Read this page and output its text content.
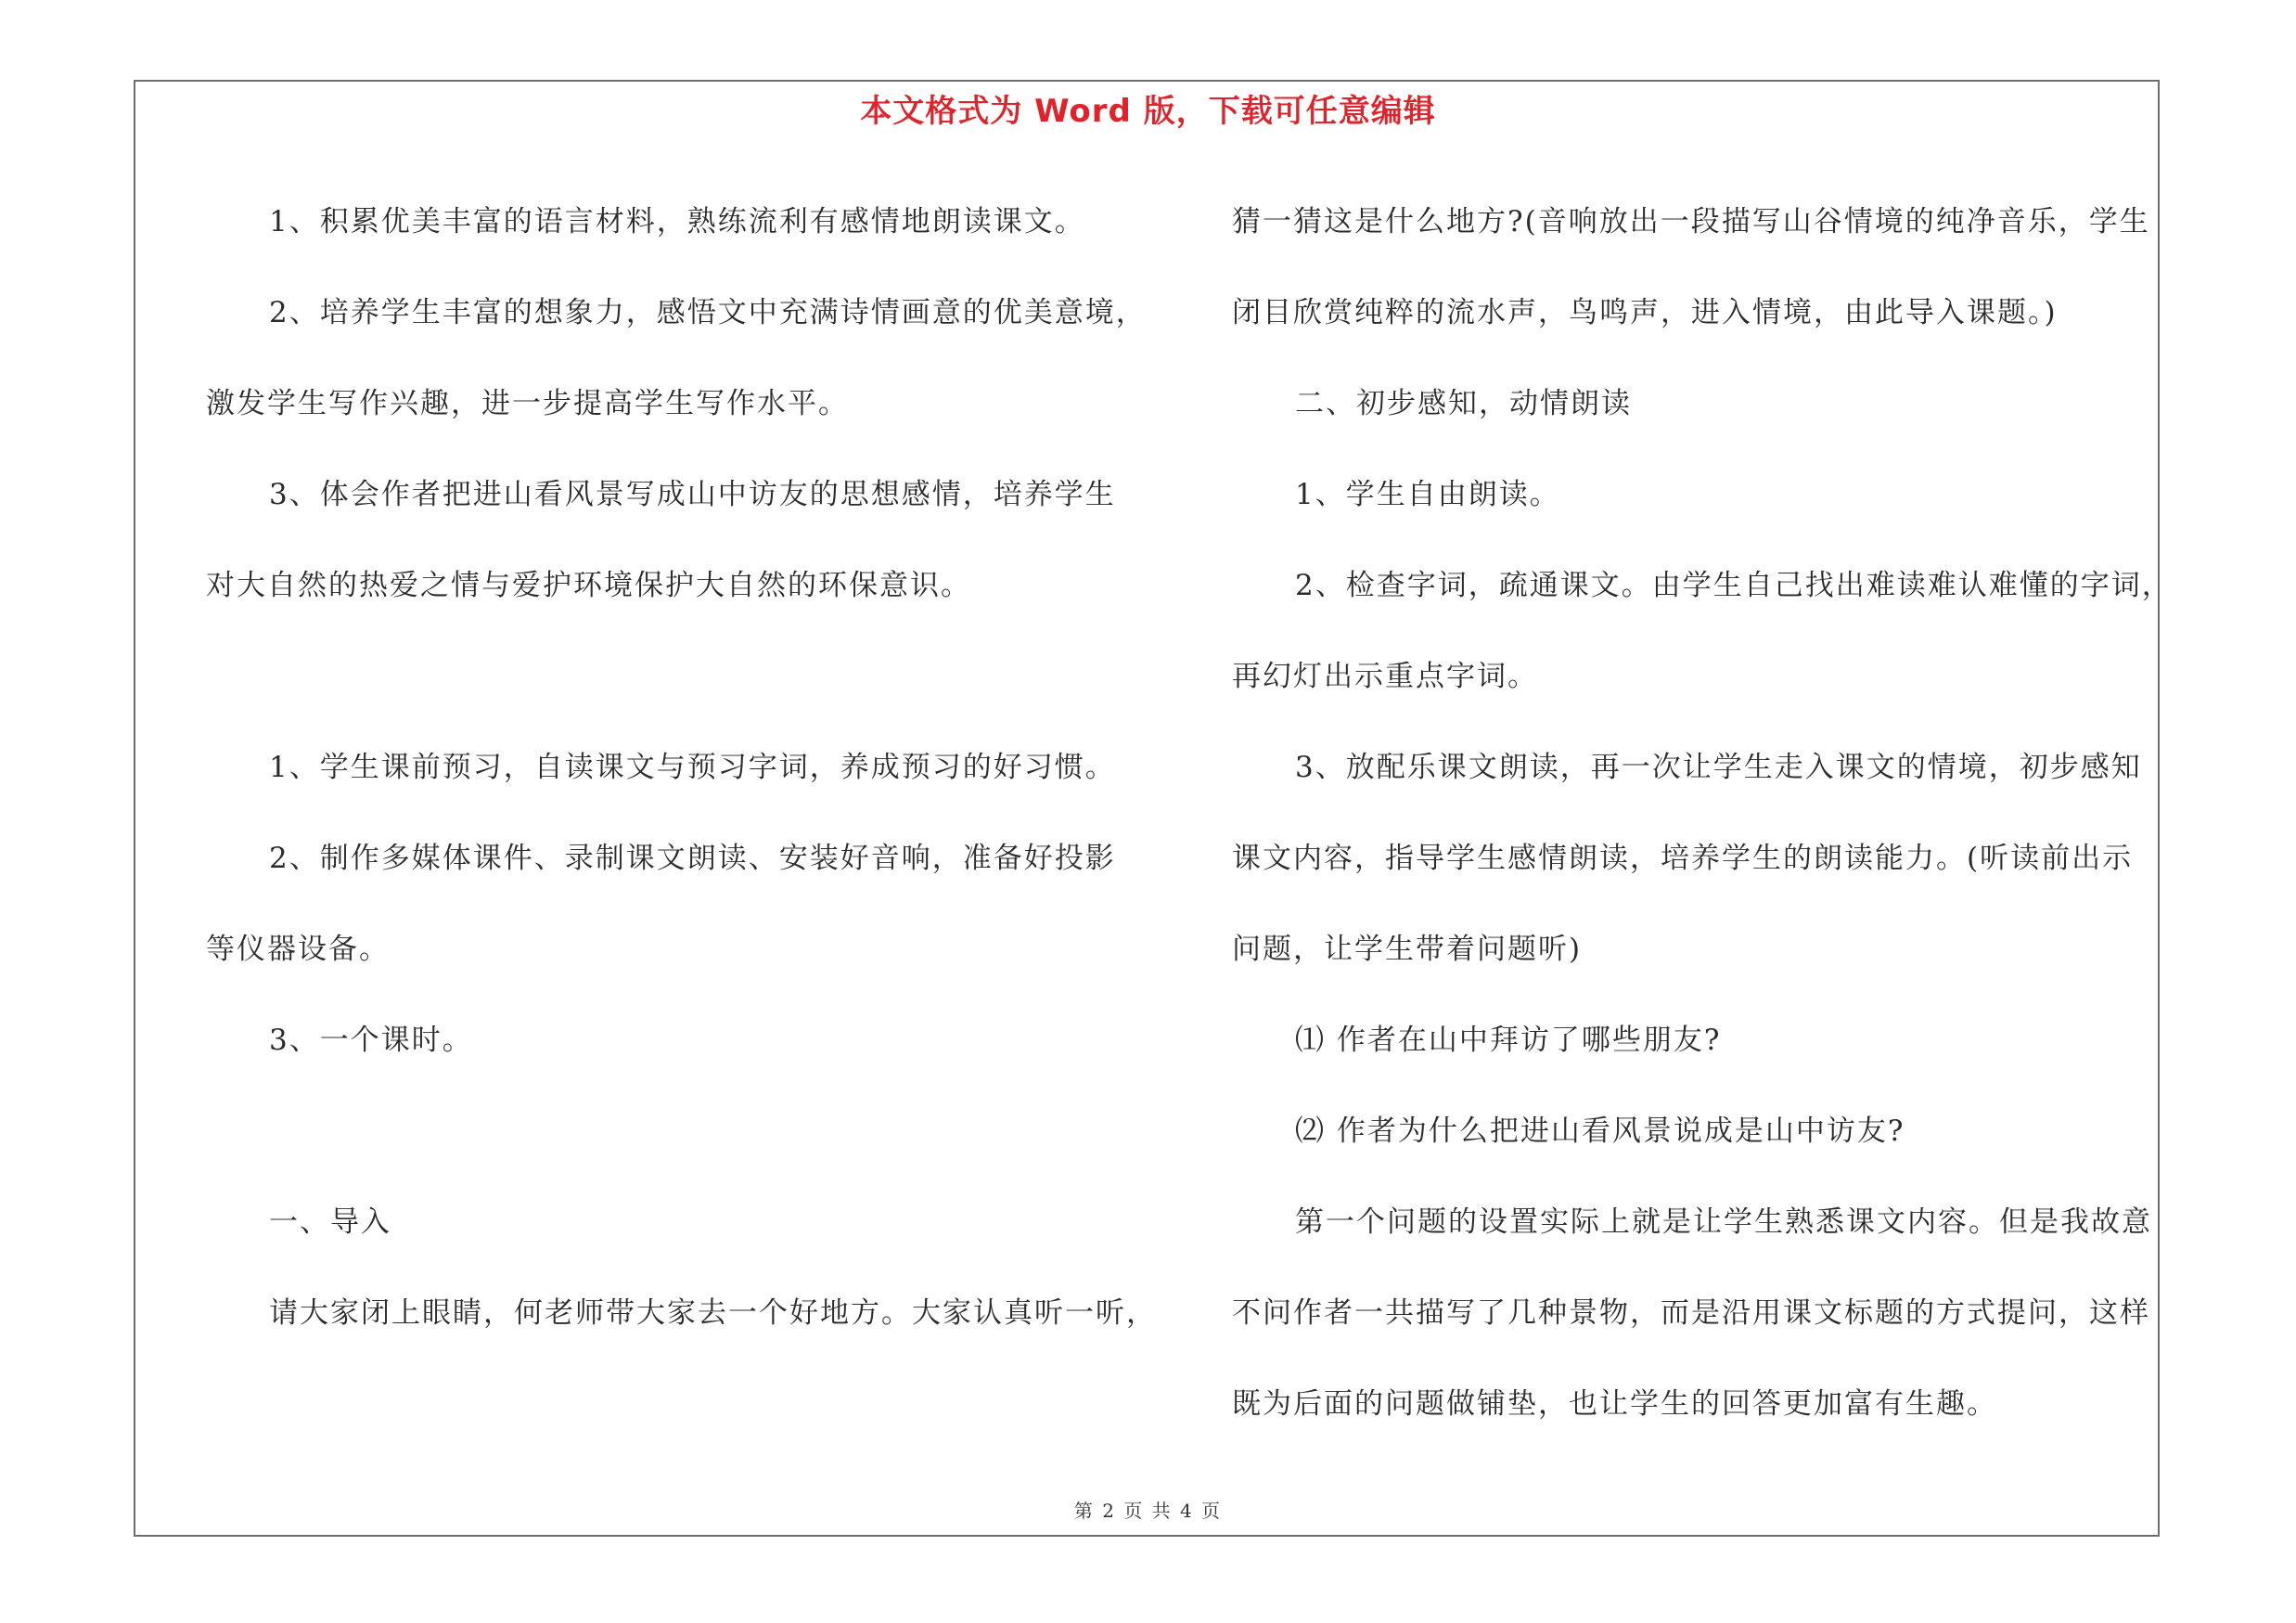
本文格式为 Word 版，下载可任意编辑
1、积累优美丰富的语言材料，熟练流利有感情地朗读课文。
2、培养学生丰富的想象力，感悟文中充满诗情画意的优美意境，
激发学生写作兴趣，进一步提高学生写作水平。
3、体会作者把进山看风景写成山中访友的思想感情，培养学生
对大自然的热爱之情与爱护环境保护大自然的环保意识。
1、学生课前预习，自读课文与预习字词，养成预习的好习惯。
2、制作多媒体课件、录制课文朗读、安装好音响，准备好投影
等仪器设备。
3、一个课时。
一、导入
请大家闭上眼睛，何老师带大家去一个好地方。大家认真听一听，
猜一猜这是什么地方?(音响放出一段描写山谷情境的纯净音乐，学生
闭目欣赏纯粹的流水声，鸟鸣声，进入情境，由此导入课题。)
二、初步感知，动情朗读
1、学生自由朗读。
2、检查字词，疏通课文。由学生自己找出难读难认难懂的字词，
再幻灯出示重点字词。
3、放配乐课文朗读，再一次让学生走入课文的情境，初步感知
课文内容，指导学生感情朗读，培养学生的朗读能力。(听读前出示
问题，让学生带着问题听)
⑴ 作者在山中拜访了哪些朋友?
⑵ 作者为什么把进山看风景说成是山中访友?
第一个问题的设置实际上就是让学生熟悉课文内容。但是我故意
不问作者一共描写了几种景物，而是沿用课文标题的方式提问，这样
既为后面的问题做铺垫，也让学生的回答更加富有生趣。
第 2 页 共 4 页
